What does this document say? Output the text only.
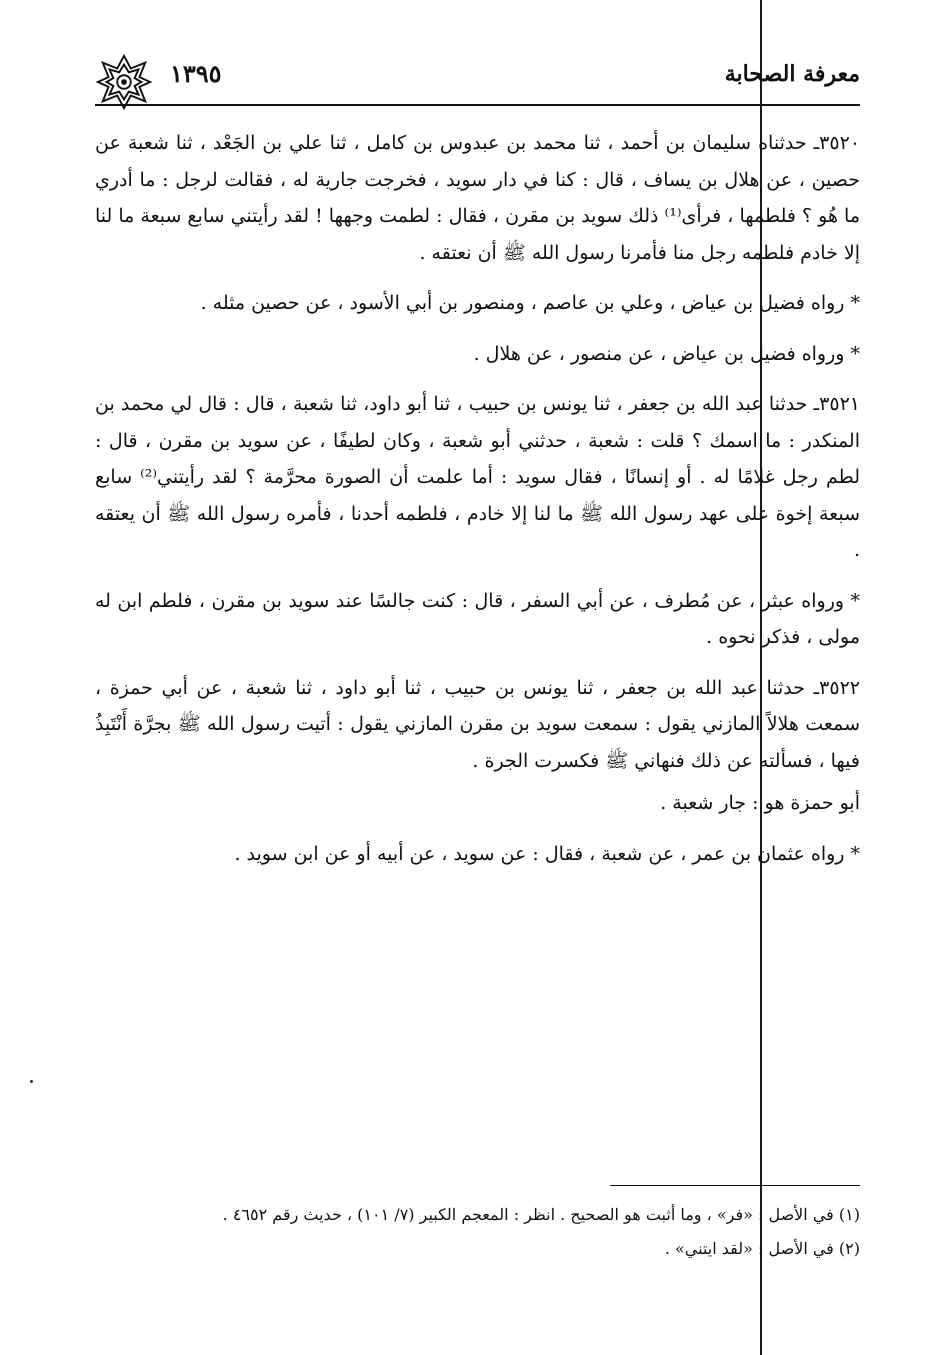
معرفة الصحابة
١٣٩٥

٣٥٢٠ـ حدثناه سليمان بن أحمد ، ثنا محمد بن عبدوس بن كامل ، ثنا علي بن الجَعْد ، ثنا شعبة عن حصين ، عن هلال بن يساف ، قال : كنا في دار سويد ، فخرجت جارية له ، فقالت لرجل : ما أدري ما هُو ؟ فلطمها ، فرأى⁽¹⁾ ذلك سويد بن مقرن ، فقال : لطمت وجهها ! لقد رأيتني سابع سبعة ما لنا إلا خادم فلطمه رجل منا فأمرنا رسول الله ﷺ أن نعتقه .

* رواه فضيل بن عياض ، وعلي بن عاصم ، ومنصور بن أبي الأسود ، عن حصين مثله .

* ورواه فضيل بن عياض ، عن منصور ، عن هلال .

٣٥٢١ـ حدثنا عبد الله بن جعفر ، ثنا يونس بن حبيب ، ثنا أبو داود، ثنا شعبة ، قال : قال لي محمد بن المنكدر : ما اسمك ؟ قلت : شعبة ، حدثني أبو شعبة ، وكان لطيفًا ، عن سويد بن مقرن ، قال : لطم رجل غلامًا له . أو إنسانًا ، فقال سويد : أما علمت أن الصورة محرَّمة ؟ لقد رأيتني⁽²⁾ سابع سبعة إخوة على عهد رسول الله ﷺ ما لنا إلا خادم ، فلطمه أحدنا ، فأمره رسول الله ﷺ أن يعتقه .

* ورواه عبثر ، عن مُطرف ، عن أبي السفر ، قال : كنت جالسًا عند سويد بن مقرن ، فلطم ابن له مولى ، فذكر نحوه .

٣٥٢٢ـ حدثنا عبد الله بن جعفر ، ثنا يونس بن حبيب ، ثنا أبو داود ، ثنا شعبة ، عن أبي حمزة ، سمعت هلالاً المازني يقول : سمعت سويد بن مقرن المازني يقول : أتيت رسول الله ﷺ بجرَّة أَنْتَبِذُ فيها ، فسألته عن ذلك فنهاني ﷺ فكسرت الجرة .

أبو حمزة هو : جار شعبة .

* رواه عثمان بن عمر ، عن شعبة ، فقال : عن سويد ، عن أبيه أو عن ابن سويد .

(١) في الأصل : «فر» ، وما أثبت هو الصحيح . انظر : المعجم الكبير (٧/ ١٠١) ، حديث رقم ٤٦٥٢ .

(٢) في الأصل : «لقد ايتني» .
